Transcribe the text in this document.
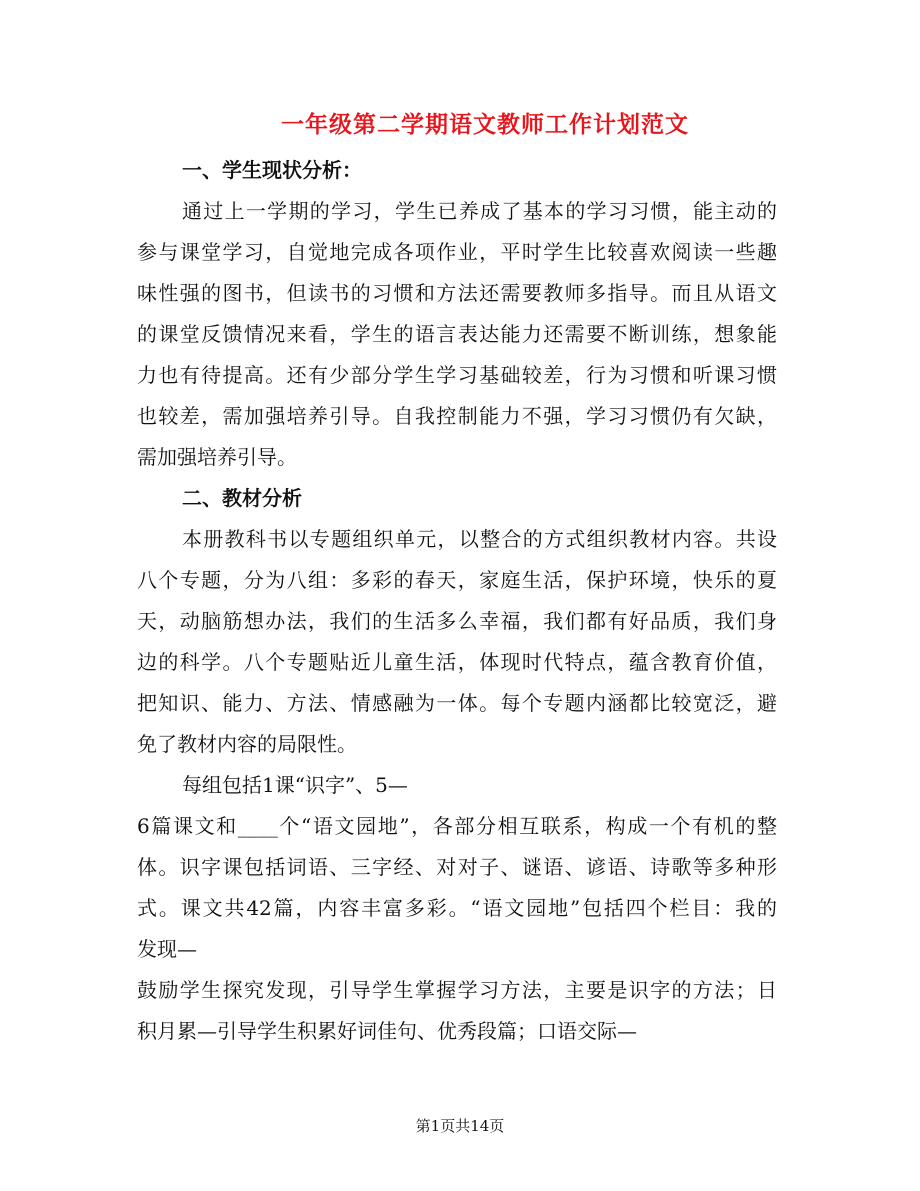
一年级第二学期语文教师工作计划范文
一、学生现状分析：
通过上一学期的学习，学生已养成了基本的学习习惯，能主动的
参与课堂学习，自觉地完成各项作业，平时学生比较喜欢阅读一些趣
味性强的图书，但读书的习惯和方法还需要教师多指导。而且从语文
的课堂反馈情况来看，学生的语言表达能力还需要不断训练，想象能
力也有待提高。还有少部分学生学习基础较差，行为习惯和听课习惯
也较差，需加强培养引导。自我控制能力不强，学习习惯仍有欠缺，
需加强培养引导。
二、教材分析
本册教科书以专题组织单元，以整合的方式组织教材内容。共设
八个专题，分为八组：多彩的春天，家庭生活，保护环境，快乐的夏
天，动脑筋想办法，我们的生活多么幸福，我们都有好品质，我们身
边的科学。八个专题贴近儿童生活，体现时代特点，蕴含教育价值，
把知识、能力、方法、情感融为一体。每个专题内涵都比较宽泛，避
免了教材内容的局限性。
每组包括1课“识字”、5—
6篇课文和____个“语文园地”，各部分相互联系，构成一个有机的整
体。识字课包括词语、三字经、对对子、谜语、谚语、诗歌等多种形
式。课文共42篇，内容丰富多彩。“语文园地”包括四个栏目：我的
发现—
鼓励学生探究发现，引导学生掌握学习方法，主要是识字的方法；日
积月累—引导学生积累好词佳句、优秀段篇；口语交际—
第1页共14页
